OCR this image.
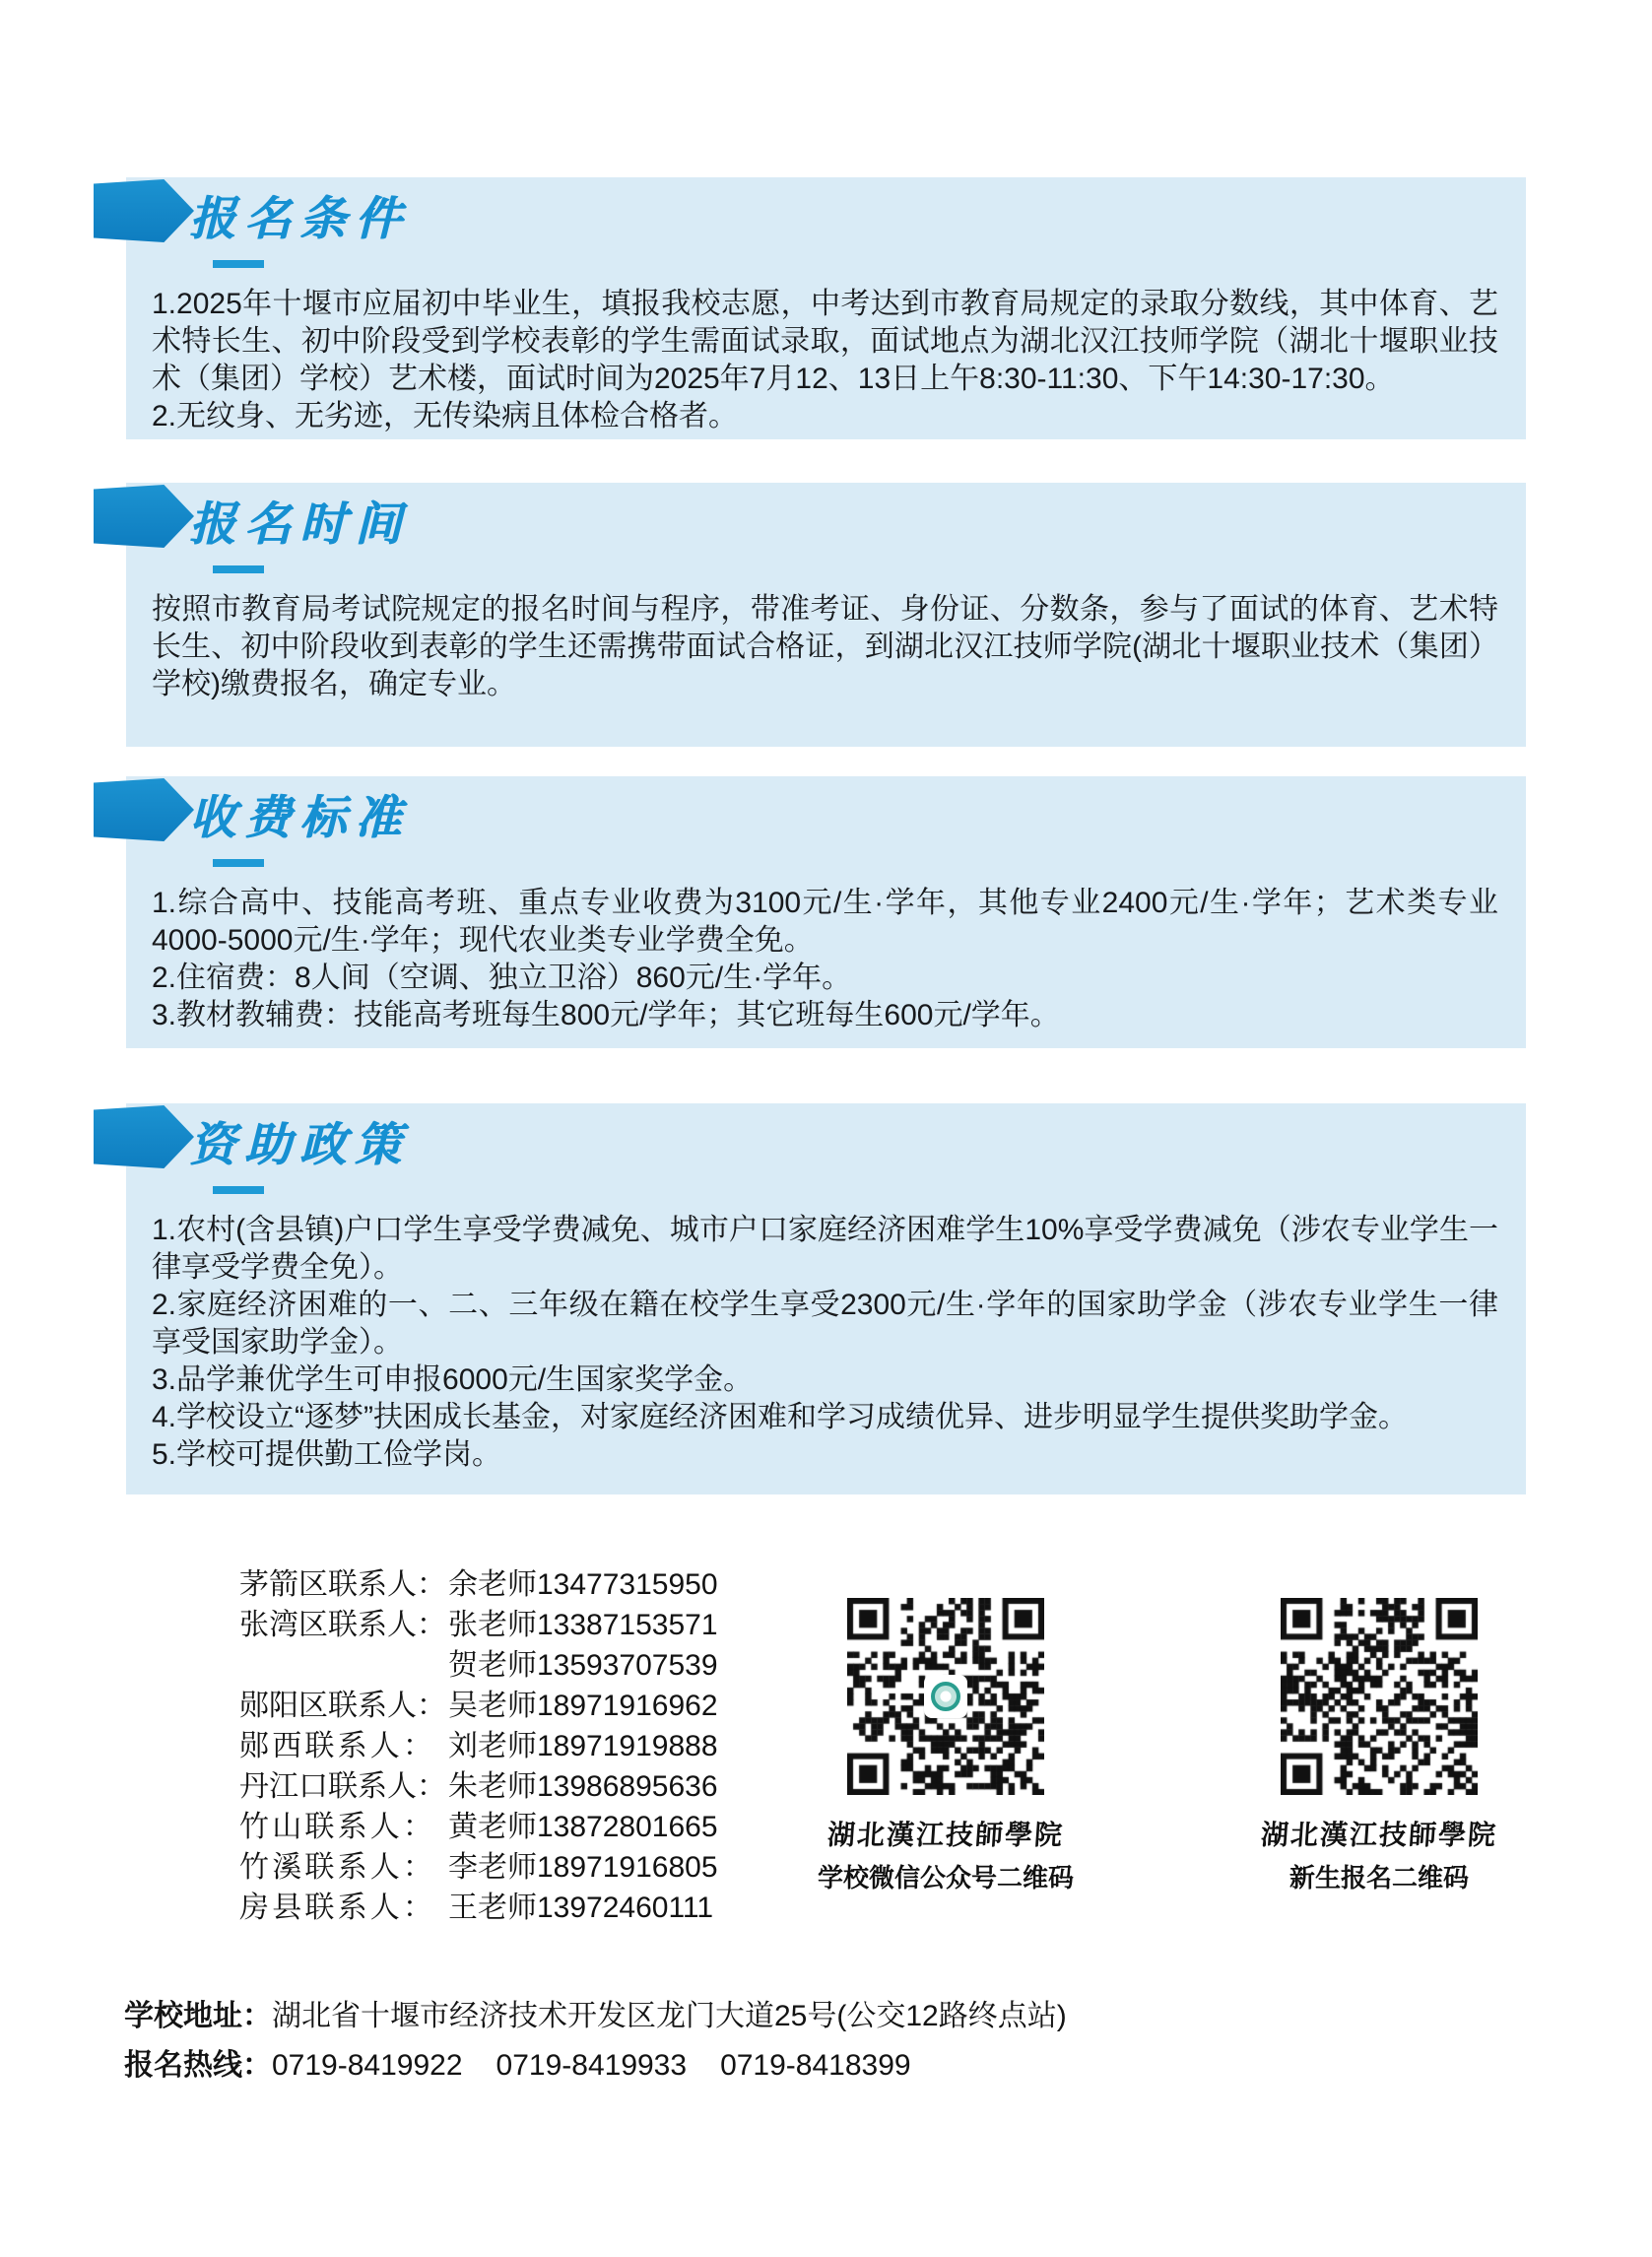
报名条件

1.2025年十堰市应届初中毕业生，填报我校志愿，中考达到市教育局规定的录取分数线，其中体育、艺术特长生、初中阶段受到学校表彰的学生需面试录取，面试地点为湖北汉江技师学院（湖北十堰职业技术（集团）学校）艺术楼，面试时间为2025年7月12、13日上午8:30-11:30、下午14:30-17:30。

2.无纹身、无劣迹，无传染病且体检合格者。

报名时间

按照市教育局考试院规定的报名时间与程序，带准考证、身份证、分数条，参与了面试的体育、艺术特长生、初中阶段收到表彰的学生还需携带面试合格证，到湖北汉江技师学院(湖北十堰职业技术（集团）学校)缴费报名，确定专业。

收费标准

1.综合高中、技能高考班、重点专业收费为3100元/生·学年，其他专业2400元/生·学年；艺术类专业4000-5000元/生·学年；现代农业类专业学费全免。

2.住宿费：8人间（空调、独立卫浴）860元/生·学年。

3.教材教辅费：技能高考班每生800元/学年；其它班每生600元/学年。

资助政策

1.农村(含县镇)户口学生享受学费减免、城市户口家庭经济困难学生10%享受学费减免（涉农专业学生一律享受学费全免）。

2.家庭经济困难的一、二、三年级在籍在校学生享受2300元/生·学年的国家助学金（涉农专业学生一律享受国家助学金）。

3.品学兼优学生可申报6000元/生国家奖学金。

4.学校设立“逐梦”扶困成长基金，对家庭经济困难和学习成绩优异、进步明显学生提供奖助学金。

5.学校可提供勤工俭学岗。

茅箭区联系人：余老师13477315950
张湾区联系人：张老师13387153571
贺老师13593707539
郧阳区联系人：吴老师18971916962
郧西联系人： 刘老师18971919888
丹江口联系人：朱老师13986895636
竹山联系人： 黄老师13872801665
竹溪联系人： 李老师18971916805
房县联系人： 王老师13972460111
湖北漢江技師學院
学校微信公众号二维码
湖北漢江技師學院
新生报名二维码
学校地址：湖北省十堰市经济技术开发区龙门大道25号(公交12路终点站)
报名热线：0719-8419922 0719-8419933 0719-8418399
